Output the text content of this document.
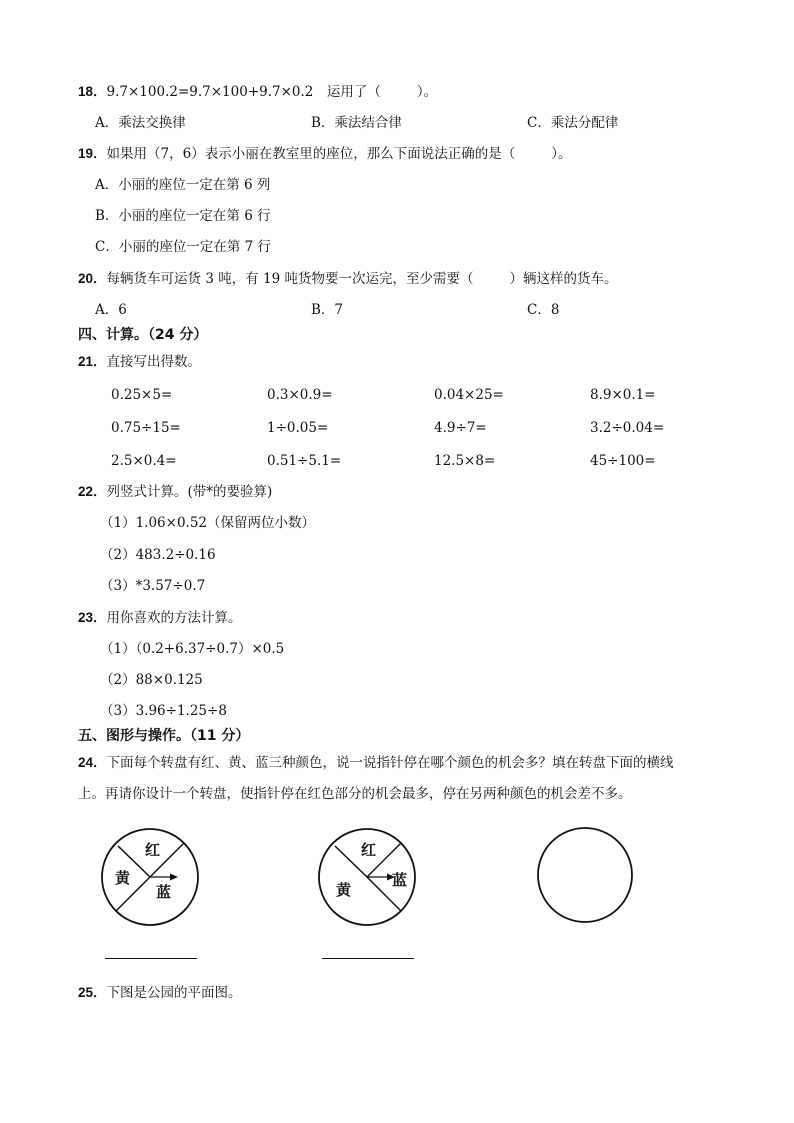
18．9.7×100.2=9.7×100+9.7×0.2　运用了（	）。
A．乘法交换律	B．乘法结合律	C．乘法分配律
19．如果用（7，6）表示小丽在教室里的座位，那么下面说法正确的是（	）。
A．小丽的座位一定在第 6 列
B．小丽的座位一定在第 6 行
C．小丽的座位一定在第 7 行
20．每辆货车可运货 3 吨，有 19 吨货物要一次运完，至少需要（	）辆这样的货车。
A．6	B．7	C．8
四、计算。（24 分）
21．直接写出得数。
0.25×5=	0.3×0.9=	0.04×25=	8.9×0.1=
0.75÷15=	1÷0.05=	4.9÷7=	3.2÷0.04=
2.5×0.4=	0.51÷5.1=	12.5×8=	45÷100=
22．列竖式计算。(带*的要验算)
（1）1.06×0.52（保留两位小数）
（2）483.2÷0.16
（3）*3.57÷0.7
23．用你喜欢的方法计算。
（1）（0.2+6.37÷0.7）×0.5
（2）88×0.125
（3）3.96÷1.25÷8
五、图形与操作。（11 分）
24．下面每个转盘有红、黄、蓝三种颜色，说一说指针停在哪个颜色的机会多？填在转盘下面的横线
上。再请你设计一个转盘，使指针停在红色部分的机会最多，停在另两种颜色的机会差不多。
红
黄
蓝
红
黄
蓝
25．下图是公园的平面图。
